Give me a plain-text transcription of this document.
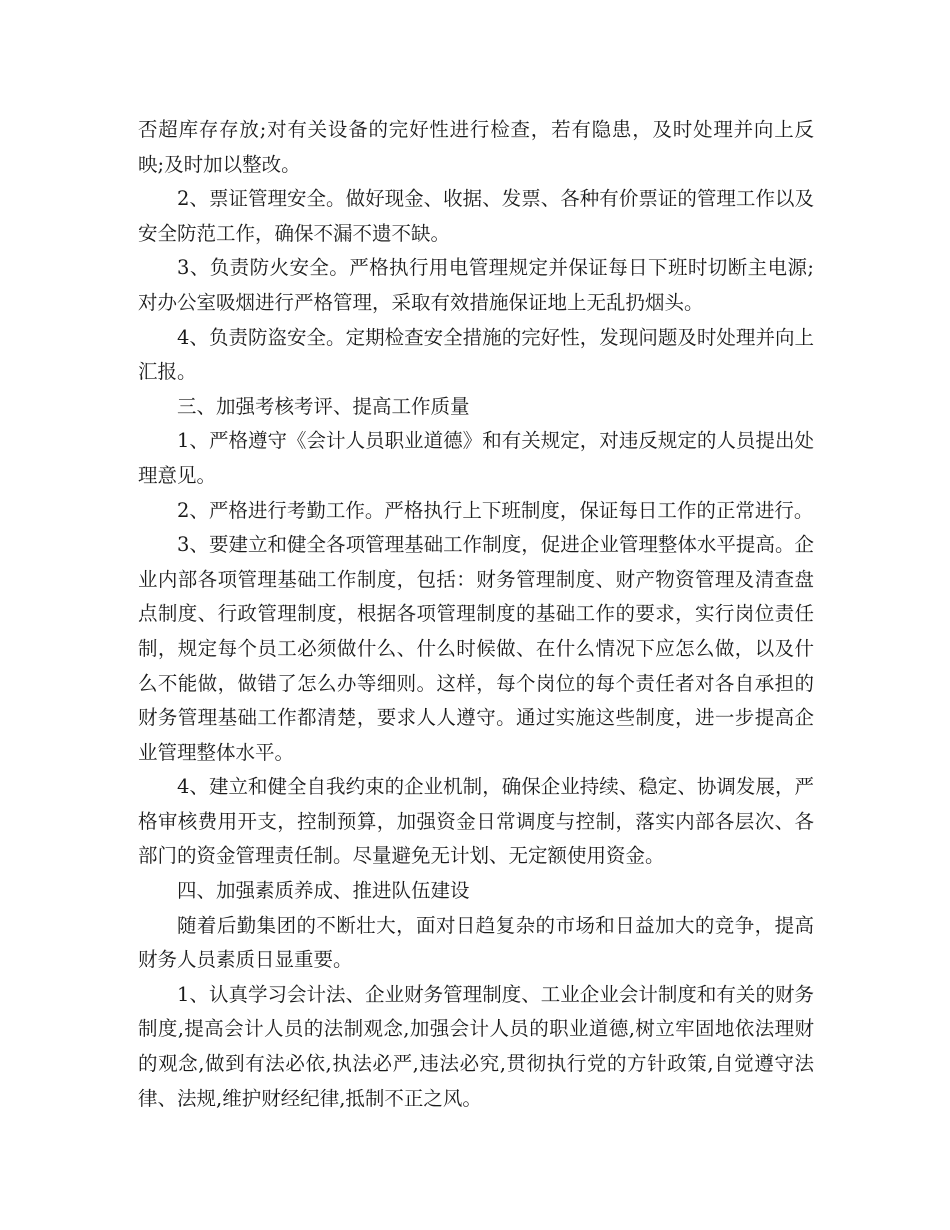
否超库存存放;对有关设备的完好性进行检查，若有隐患，及时处理并向上反映;及时加以整改。

2、票证管理安全。做好现金、收据、发票、各种有价票证的管理工作以及安全防范工作，确保不漏不遗不缺。

3、负责防火安全。严格执行用电管理规定并保证每日下班时切断主电源;对办公室吸烟进行严格管理，采取有效措施保证地上无乱扔烟头。

4、负责防盗安全。定期检查安全措施的完好性，发现问题及时处理并向上汇报。

三、加强考核考评、提高工作质量

1、严格遵守《会计人员职业道德》和有关规定，对违反规定的人员提出处理意见。

2、严格进行考勤工作。严格执行上下班制度，保证每日工作的正常进行。

3、要建立和健全各项管理基础工作制度，促进企业管理整体水平提高。企业内部各项管理基础工作制度，包括：财务管理制度、财产物资管理及清查盘点制度、行政管理制度，根据各项管理制度的基础工作的要求，实行岗位责任制，规定每个员工必须做什么、什么时候做、在什么情况下应怎么做，以及什么不能做，做错了怎么办等细则。这样，每个岗位的每个责任者对各自承担的财务管理基础工作都清楚，要求人人遵守。通过实施这些制度，进一步提高企业管理整体水平。

4、建立和健全自我约束的企业机制，确保企业持续、稳定、协调发展，严格审核费用开支，控制预算，加强资金日常调度与控制，落实内部各层次、各部门的资金管理责任制。尽量避免无计划、无定额使用资金。

四、加强素质养成、推进队伍建设

随着后勤集团的不断壮大，面对日趋复杂的市场和日益加大的竞争，提高财务人员素质日显重要。

1、认真学习会计法、企业财务管理制度、工业企业会计制度和有关的财务制度,提高会计人员的法制观念,加强会计人员的职业道德,树立牢固地依法理财的观念,做到有法必依,执法必严,违法必究,贯彻执行党的方针政策,自觉遵守法律、法规,维护财经纪律,抵制不正之风。
